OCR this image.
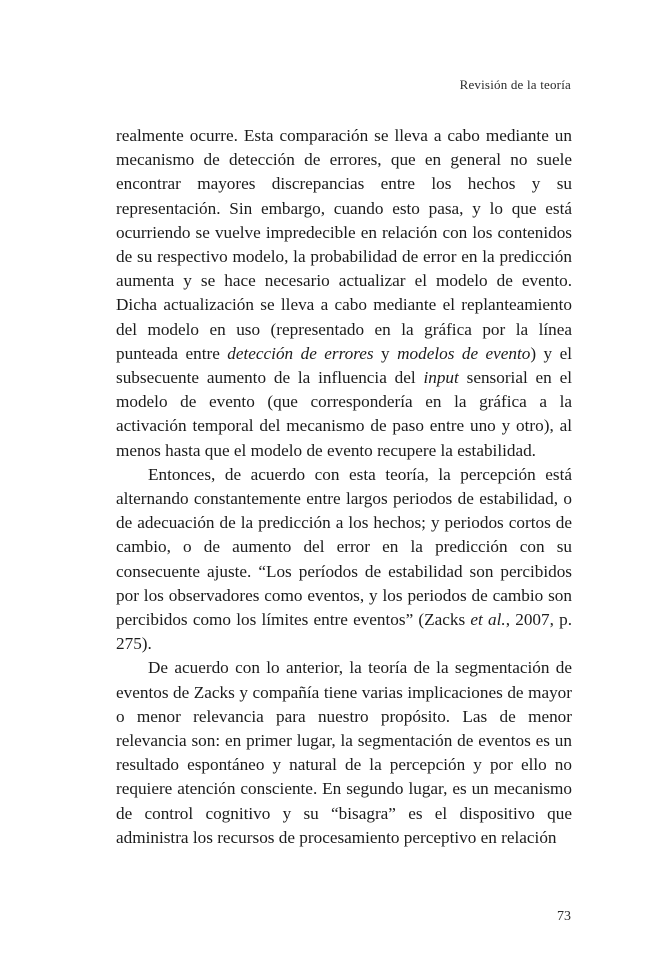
Revisión de la teoría

realmente ocurre. Esta comparación se lleva a cabo mediante un mecanismo de detección de errores, que en general no suele encontrar mayores discrepancias entre los hechos y su representación. Sin embargo, cuando esto pasa, y lo que está ocurriendo se vuelve impredecible en relación con los contenidos de su respectivo modelo, la probabilidad de error en la predicción aumenta y se hace necesario actualizar el modelo de evento. Dicha actualización se lleva a cabo mediante el replanteamiento del modelo en uso (representado en la gráfica por la línea punteada entre detección de errores y modelos de evento) y el subsecuente aumento de la influencia del input sensorial en el modelo de evento (que correspondería en la gráfica a la activación temporal del mecanismo de paso entre uno y otro), al menos hasta que el modelo de evento recupere la estabilidad.

Entonces, de acuerdo con esta teoría, la percepción está alternando constantemente entre largos periodos de estabilidad, o de adecuación de la predicción a los hechos; y periodos cortos de cambio, o de aumento del error en la predicción con su consecuente ajuste. “Los períodos de estabilidad son percibidos por los observadores como eventos, y los periodos de cambio son percibidos como los límites entre eventos” (Zacks et al., 2007, p. 275).

De acuerdo con lo anterior, la teoría de la segmentación de eventos de Zacks y compañía tiene varias implicaciones de mayor o menor relevancia para nuestro propósito. Las de menor relevancia son: en primer lugar, la segmentación de eventos es un resultado espontáneo y natural de la percepción y por ello no requiere atención consciente. En segundo lugar, es un mecanismo de control cognitivo y su “bisagra” es el dispositivo que administra los recursos de procesamiento perceptivo en relación

73
